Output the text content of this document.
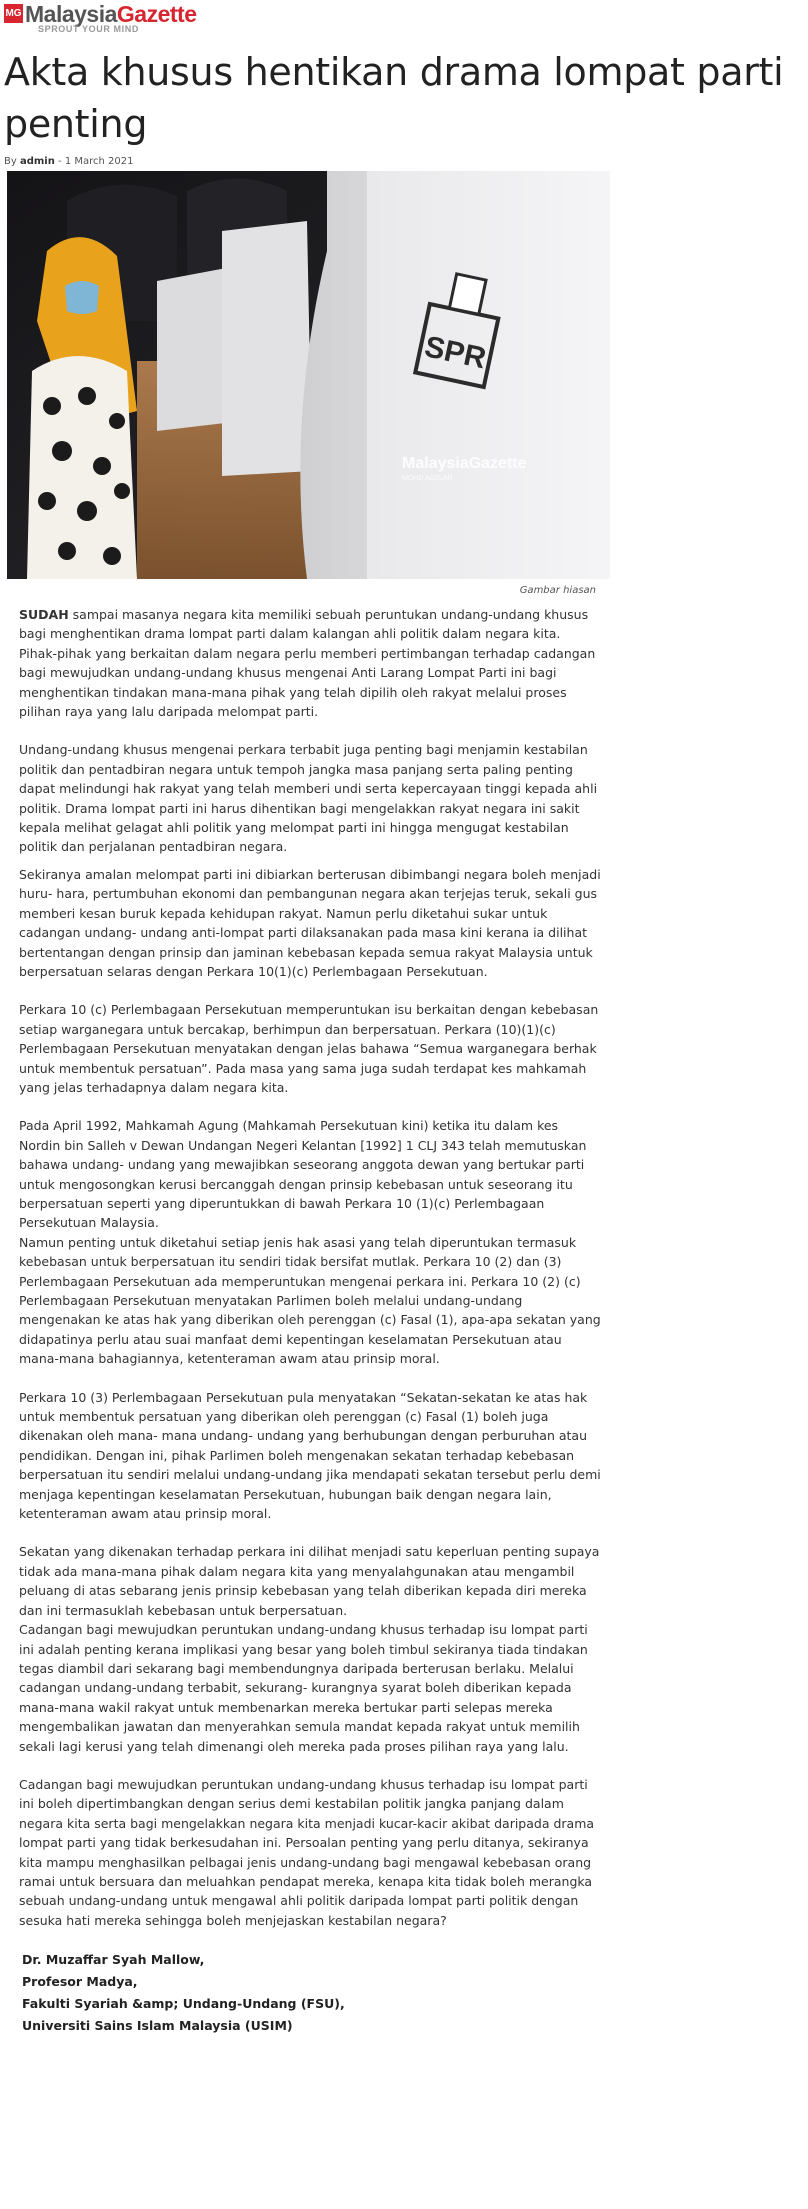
MG MalaysiaGazette
SPROUT YOUR MIND
Akta khusus hentikan drama lompat parti penting
By admin - 1 March 2021
SPR
MalaysiaGazette
MOHD ADZLAN
Gambar hiasan

SUDAH sampai masanya negara kita memiliki sebuah peruntukan undang-undang khusus bagi menghentikan drama lompat parti dalam kalangan ahli politik dalam negara kita. Pihak-pihak yang berkaitan dalam negara perlu memberi pertimbangan terhadap cadangan bagi mewujudkan undang-undang khusus mengenai Anti Larang Lompat Parti ini bagi menghentikan tindakan mana-mana pihak yang telah dipilih oleh rakyat melalui proses pilihan raya yang lalu daripada melompat parti.

Undang-undang khusus mengenai perkara terbabit juga penting bagi menjamin kestabilan politik dan pentadbiran negara untuk tempoh jangka masa panjang serta paling penting dapat melindungi hak rakyat yang telah memberi undi serta kepercayaan tinggi kepada ahli politik. Drama lompat parti ini harus dihentikan bagi mengelakkan rakyat negara ini sakit kepala melihat gelagat ahli politik yang melompat parti ini hingga mengugat kestabilan politik dan perjalanan pentadbiran negara.

Sekiranya amalan melompat parti ini dibiarkan berterusan dibimbangi negara boleh menjadi huru- hara, pertumbuhan ekonomi dan pembangunan negara akan terjejas teruk, sekali gus memberi kesan buruk kepada kehidupan rakyat. Namun perlu diketahui sukar untuk cadangan undang- undang anti-lompat parti dilaksanakan pada masa kini kerana ia dilihat bertentangan dengan prinsip dan jaminan kebebasan kepada semua rakyat Malaysia untuk berpersatuan selaras dengan Perkara 10(1)(c) Perlembagaan Persekutuan.

Perkara 10 (c) Perlembagaan Persekutuan memperuntukan isu berkaitan dengan kebebasan setiap warganegara untuk bercakap, berhimpun dan berpersatuan. Perkara (10)(1)(c) Perlembagaan Persekutuan menyatakan dengan jelas bahawa “Semua warganegara berhak untuk membentuk persatuan”. Pada masa yang sama juga sudah terdapat kes mahkamah yang jelas terhadapnya dalam negara kita.

Pada April 1992, Mahkamah Agung (Mahkamah Persekutuan kini) ketika itu dalam kes Nordin bin Salleh v Dewan Undangan Negeri Kelantan [1992] 1 CLJ 343 telah memutuskan bahawa undang- undang yang mewajibkan seseorang anggota dewan yang bertukar parti untuk mengosongkan kerusi bercanggah dengan prinsip kebebasan untuk seseorang itu berpersatuan seperti yang diperuntukkan di bawah Perkara 10 (1)(c) Perlembagaan Persekutuan Malaysia.

Namun penting untuk diketahui setiap jenis hak asasi yang telah diperuntukan termasuk kebebasan untuk berpersatuan itu sendiri tidak bersifat mutlak. Perkara 10 (2) dan (3) Perlembagaan Persekutuan ada memperuntukan mengenai perkara ini. Perkara 10 (2) (c) Perlembagaan Persekutuan menyatakan Parlimen boleh melalui undang-undang mengenakan ke atas hak yang diberikan oleh perenggan (c) Fasal (1), apa-apa sekatan yang didapatinya perlu atau suai manfaat demi kepentingan keselamatan Persekutuan atau mana-mana bahagiannya, ketenteraman awam atau prinsip moral.

Perkara 10 (3) Perlembagaan Persekutuan pula menyatakan “Sekatan-sekatan ke atas hak untuk membentuk persatuan yang diberikan oleh perenggan (c) Fasal (1) boleh juga dikenakan oleh mana- mana undang- undang yang berhubungan dengan perburuhan atau pendidikan. Dengan ini, pihak Parlimen boleh mengenakan sekatan terhadap kebebasan berpersatuan itu sendiri melalui undang-undang jika mendapati sekatan tersebut perlu demi menjaga kepentingan keselamatan Persekutuan, hubungan baik dengan negara lain, ketenteraman awam atau prinsip moral.

Sekatan yang dikenakan terhadap perkara ini dilihat menjadi satu keperluan penting supaya tidak ada mana-mana pihak dalam negara kita yang menyalahgunakan atau mengambil peluang di atas sebarang jenis prinsip kebebasan yang telah diberikan kepada diri mereka dan ini termasuklah kebebasan untuk berpersatuan.

Cadangan bagi mewujudkan peruntukan undang-undang khusus terhadap isu lompat parti ini adalah penting kerana implikasi yang besar yang boleh timbul sekiranya tiada tindakan tegas diambil dari sekarang bagi membendungnya daripada berterusan berlaku. Melalui cadangan undang-undang terbabit, sekurang- kurangnya syarat boleh diberikan kepada mana-mana wakil rakyat untuk membenarkan mereka bertukar parti selepas mereka mengembalikan jawatan dan menyerahkan semula mandat kepada rakyat untuk memilih sekali lagi kerusi yang telah dimenangi oleh mereka pada proses pilihan raya yang lalu.

Cadangan bagi mewujudkan peruntukan undang-undang khusus terhadap isu lompat parti ini boleh dipertimbangkan dengan serius demi kestabilan politik jangka panjang dalam negara kita serta bagi mengelakkan negara kita menjadi kucar-kacir akibat daripada drama lompat parti yang tidak berkesudahan ini. Persoalan penting yang perlu ditanya, sekiranya kita mampu menghasilkan pelbagai jenis undang-undang bagi mengawal kebebasan orang ramai untuk bersuara dan meluahkan pendapat mereka, kenapa kita tidak boleh merangka sebuah undang-undang untuk mengawal ahli politik daripada lompat parti politik dengan sesuka hati mereka sehingga boleh menjejaskan kestabilan negara?

Dr. Muzaffar Syah Mallow,
Profesor Madya,
Fakulti Syariah &amp; Undang-Undang (FSU),
Universiti Sains Islam Malaysia (USIM)
